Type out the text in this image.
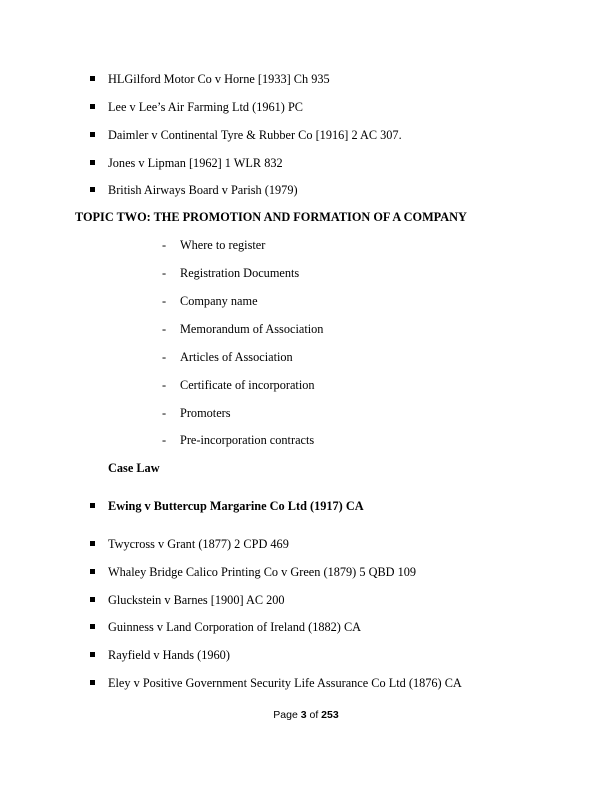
HLGilford Motor Co v Horne [1933] Ch 935
Lee v Lee’s Air Farming Ltd (1961) PC
Daimler v Continental Tyre & Rubber Co [1916] 2 AC 307.
Jones v Lipman [1962] 1 WLR 832
British Airways Board v Parish (1979)
TOPIC TWO: THE PROMOTION AND FORMATION OF A COMPANY
- Where to register
- Registration Documents
- Company name
- Memorandum of Association
- Articles of Association
- Certificate of incorporation
- Promoters
- Pre-incorporation contracts
Case Law
Ewing v Buttercup Margarine Co Ltd (1917) CA
Twycross v Grant (1877) 2 CPD 469
Whaley Bridge Calico Printing Co v Green (1879) 5 QBD 109
Gluckstein v Barnes [1900] AC 200
Guinness v Land Corporation of Ireland (1882) CA
Rayfield v Hands (1960)
Eley v Positive Government Security Life Assurance Co Ltd (1876) CA
Page 3 of 253
